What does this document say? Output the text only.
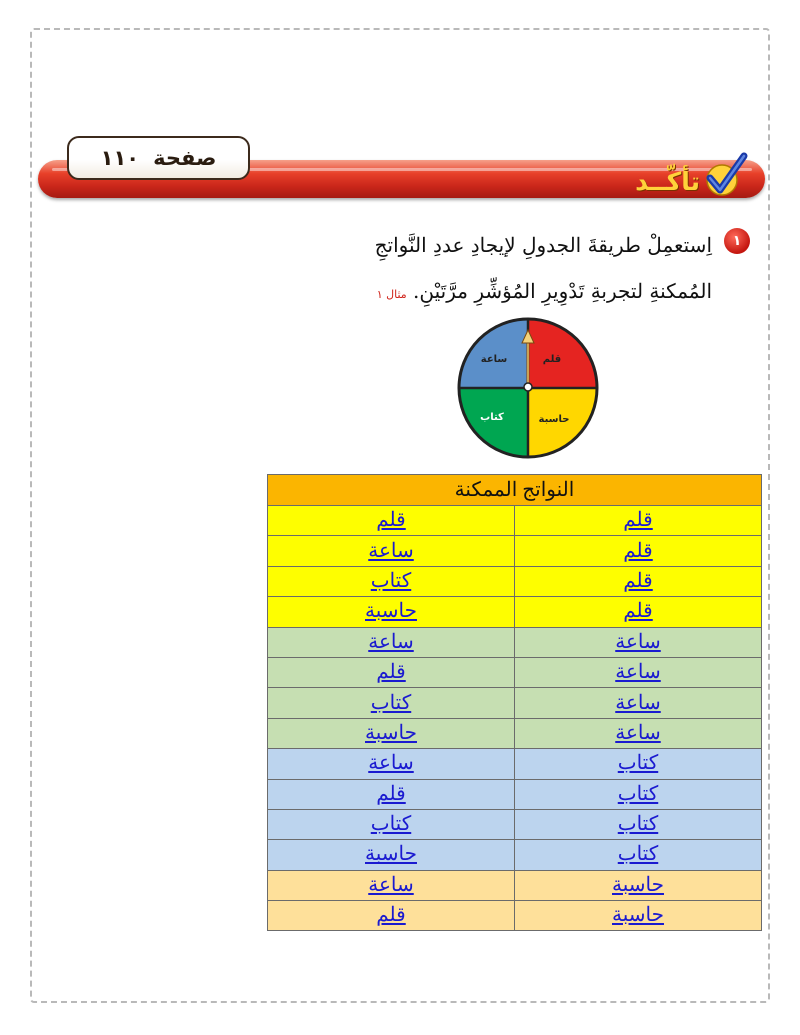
صفحة
١١٠
تأكّــد
١
اِستعمِلْ طريقةَ الجدولِ لإيجادِ عددِ النَّواتجِ
المُمكنةِ لتجربةِ تَدْوِيرِ المُؤشِّرِ مرَّتَيْنِ. مثال ١
قلم
حاسبة
كتاب
ساعة
النواتج الممكنة	
قلم	قلم
قلم	ساعة
قلم	كتاب
قلم	حاسبة
ساعة	ساعة
ساعة	قلم
ساعة	كتاب
ساعة	حاسبة
كتاب	ساعة
كتاب	قلم
كتاب	كتاب
كتاب	حاسبة
حاسبة	ساعة
حاسبة	قلم
